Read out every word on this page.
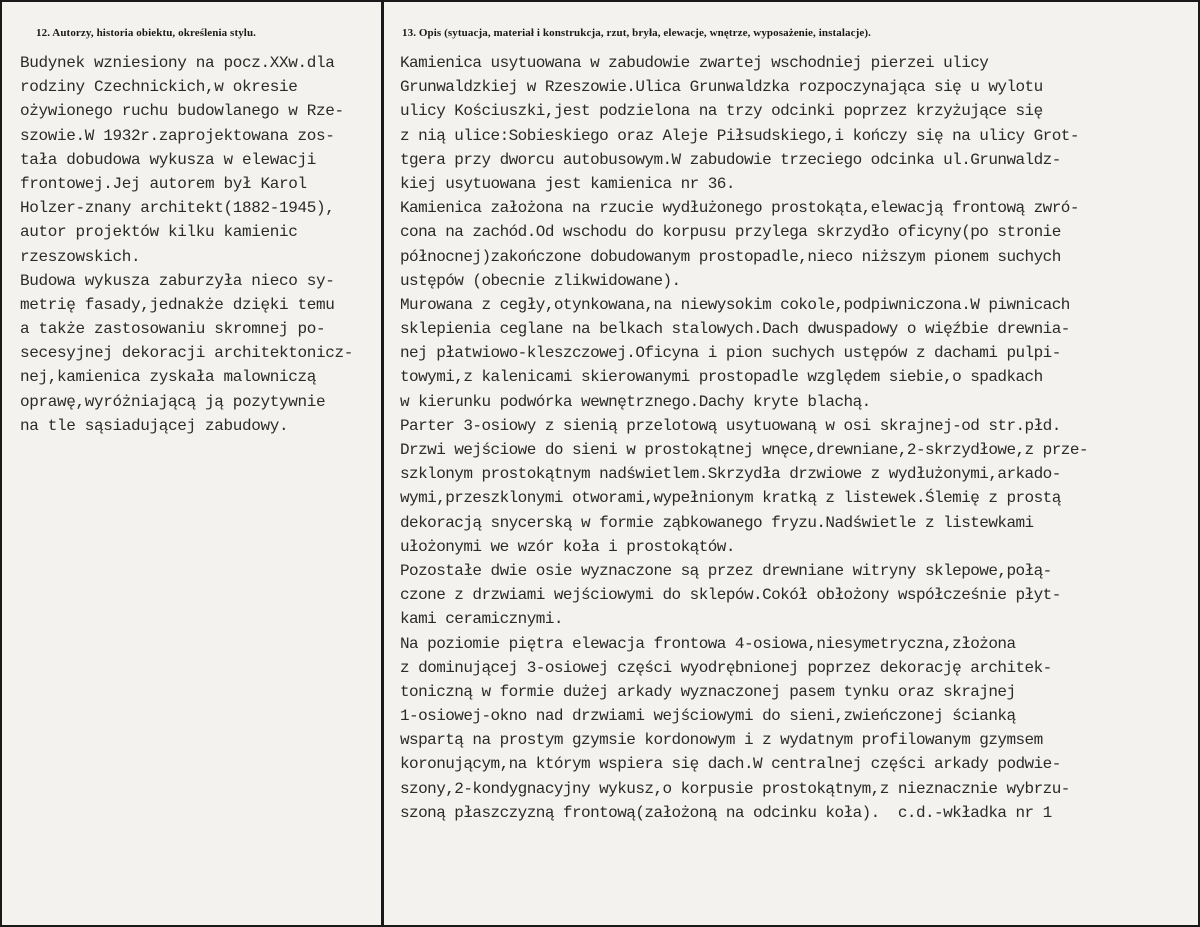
12. Autorzy, historia obiektu, określenia stylu.
Budynek wzniesiony na pocz.XXw.dla
rodziny Czechnickich,w okresie
ożywionego ruchu budowlanego w Rze-
szowie.W 1932r.zaprojektowana zos-
tała dobudowa wykusza w elewacji
frontowej.Jej autorem był Karol
Holzer-znany architekt(1882-1945),
autor projektów kilku kamienic
rzeszowskich.
Budowa wykusza zaburzyła nieco sy-
metrię fasady,jednakże dzięki temu
a także zastosowaniu skromnej po-
secesyjnej dekoracji architektonicz-
nej,kamienica zyskała malowniczą
oprawę,wyróżniającą ją pozytywnie
na tle sąsiadującej zabudowy.
13. Opis (sytuacja, materiał i konstrukcja, rzut, bryła, elewacje, wnętrze, wyposażenie, instalacje).
Kamienica usytuowana w zabudowie zwartej wschodniej pierzei ulicy
Grunwaldzkiej w Rzeszowie.Ulica Grunwaldzka rozpoczynająca się u wylotu
ulicy Kościuszki,jest podzielona na trzy odcinki poprzez krzyżujące się
z nią ulice:Sobieskiego oraz Aleje Piłsudskiego,i kończy się na ulicy Grot-
tgera przy dworcu autobusowym.W zabudowie trzeciego odcinka ul.Grunwaldz-
kiej usytuowana jest kamienica nr 36.
Kamienica założona na rzucie wydłużonego prostokąta,elewacją frontową zwró-
cona na zachód.Od wschodu do korpusu przylega skrzydło oficyny(po stronie
północnej)zakończone dobudowanym prostopadle,nieco niższym pionem suchych
ustępów (obecnie zlikwidowane).
Murowana z cegły,otynkowana,na niewysokim cokole,podpiwniczona.W piwnicach
sklepienia ceglane na belkach stalowych.Dach dwuspadowy o więźbie drewnia-
nej płatwiowo-kleszczowej.Oficyna i pion suchych ustępów z dachami pulpi-
towymi,z kalenicami skierowanymi prostopadle względem siebie,o spadkach
w kierunku podwórka wewnętrznego.Dachy kryte blachą.
Parter 3-osiowy z sienią przelotową usytuowaną w osi skrajnej-od str.płd.
Drzwi wejściowe do sieni w prostokątnej wnęce,drewniane,2-skrzydłowe,z prze-
szklonym prostokątnym nadświetlem.Skrzydła drzwiowe z wydłużonymi,arkado-
wymi,przeszklonymi otworami,wypełnionym kratką z listewek.Ślemię z prostą
dekoracją snycerską w formie ząbkowanego fryzu.Nadświetle z listewkami
ułożonymi we wzór koła i prostokątów.
Pozostałe dwie osie wyznaczone są przez drewniane witryny sklepowe,połą-
czone z drzwiami wejściowymi do sklepów.Cokół obłożony współcześnie płyt-
kami ceramicznymi.
Na poziomie piętra elewacja frontowa 4-osiowa,niesymetryczna,złożona
z dominującej 3-osiowej części wyodrębnionej poprzez dekorację architek-
toniczną w formie dużej arkady wyznaczonej pasem tynku oraz skrajnej
1-osiowej-okno nad drzwiami wejściowymi do sieni,zwieńczonej ścianką
wspartą na prostym gzymsie kordonowym i z wydatnym profilowanym gzymsem
koronującym,na którym wspiera się dach.W centralnej części arkady podwie-
szony,2-kondygnacyjny wykusz,o korpusie prostokątnym,z nieznacznie wybrzu-
szoną płaszczyzną frontową(założoną na odcinku koła).  c.d.-wkładka nr 1
